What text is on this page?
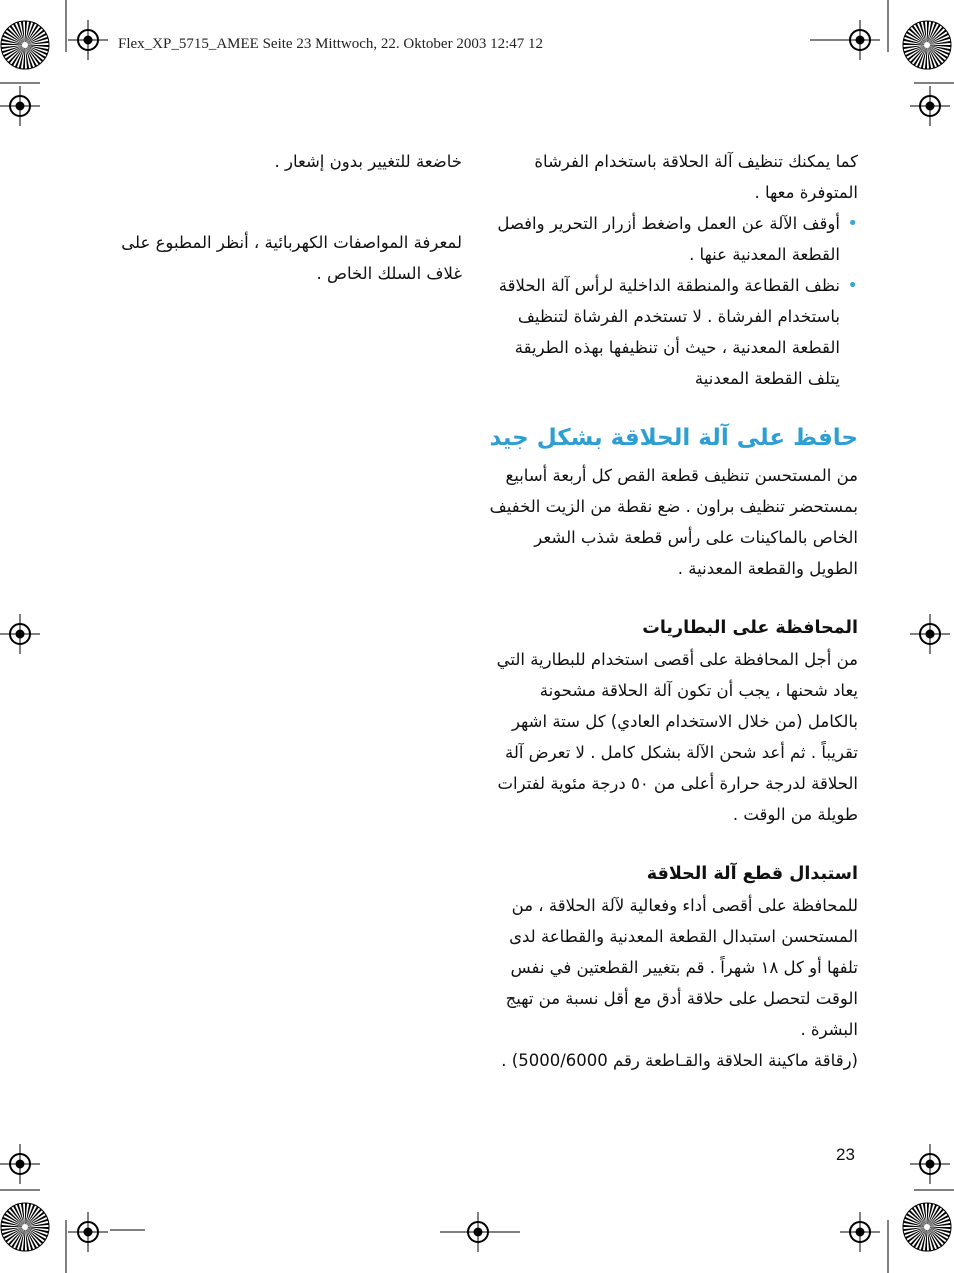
Flex_XP_5715_AMEE Seite 23 Mittwoch, 22. Oktober 2003 12:47 12

خاضعة للتغيير بدون إشعار .

لمعرفة المواصفات الكهربائية ، أنظر المطبوع على غلاف السلك الخاص .

كما يمكنك تنظيف آلة الحلاقة باستخدام الفرشاة المتوفرة معها .

•
أوقف الآلة عن العمل واضغط أزرار التحرير وافصل القطعة المعدنية عنها .
•
نظف القطاعة والمنطقة الداخلية لرأس آلة الحلاقة باستخدام الفرشاة . لا تستخدم الفرشاة لتنظيف القطعة المعدنية ، حيث أن تنظيفها بهذه الطريقة يتلف القطعة المعدنية
حافظ على آلة الحلاقة بشكل جيد

من المستحسن تنظيف قطعة القص كل أربعة أسابيع بمستحضر تنظيف براون . ضع نقطة من الزيت الخفيف الخاص بالماكينات على رأس قطعة شذب الشعر الطويل والقطعة المعدنية .

المحافظة على البطاريات

من أجل المحافظة على أقصى استخدام للبطارية التي يعاد شحنها ، يجب أن تكون آلة الحلاقة مشحونة بالكامل (من خلال الاستخدام العادي) كل ستة اشهر تقريباً . ثم أعد شحن الآلة بشكل كامل . لا تعرض آلة الحلاقة لدرجة حرارة أعلى من ٥٠ درجة مئوية لفترات طويلة من الوقت .

استبدال قطع آلة الحلاقة

للمحافظة على أقصى أداء وفعالية لآلة الحلاقة ، من المستحسن استبدال القطعة المعدنية والقطاعة لدى تلفها أو كل ١٨ شهراً . قم بتغيير القطعتين في نفس الوقت لتحصل على حلاقة أدق مع أقل نسبة من تهيج البشرة .

(رقاقة ماكينة الحلاقة والقـاطعة رقم 5000/6000) .

23
